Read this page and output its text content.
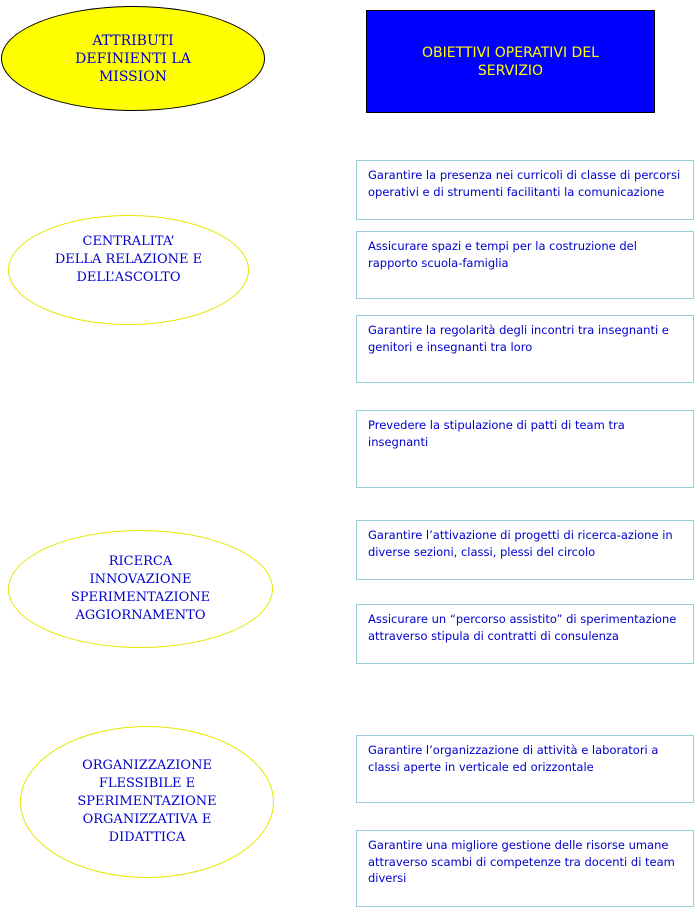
ATTRIBUTI
DEFINIENTI LA
MISSION
OBIETTIVI OPERATIVI DEL
SERVIZIO
CENTRALITA’
DELLA RELAZIONE E
DELL’ASCOLTO
RICERCA
INNOVAZIONE
SPERIMENTAZIONE
AGGIORNAMENTO
ORGANIZZAZIONE
FLESSIBILE E
SPERIMENTAZIONE
ORGANIZZATIVA E
DIDATTICA
Garantire la presenza nei curricoli di classe di percorsi operativi e di strumenti facilitanti la comunicazione
Assicurare spazi e tempi per la costruzione del rapporto scuola-famiglia
Garantire la regolarità degli incontri tra insegnanti e genitori e insegnanti tra loro
Prevedere la stipulazione di patti di team tra insegnanti
Garantire l’attivazione di progetti di ricerca-azione in diverse sezioni, classi, plessi del circolo
Assicurare un “percorso assistito” di sperimentazione attraverso stipula di contratti di consulenza
Garantire l’organizzazione di attività e laboratori a classi aperte in verticale ed orizzontale
Garantire una migliore gestione delle risorse umane attraverso scambi di competenze tra docenti di team diversi
